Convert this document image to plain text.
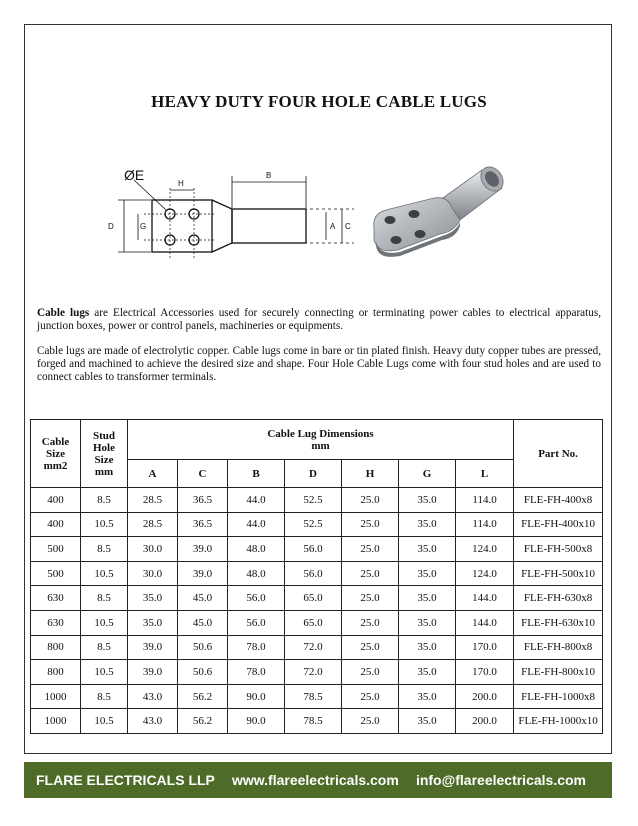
HEAVY DUTY FOUR HOLE CABLE LUGS
ØE
H
B
D	G	A C
Cable lugs are Electrical Accessories used for securely connecting or terminating power cables to electrical apparatus, junction boxes, power or control panels, machineries or equipments.
Cable lugs are made of electrolytic copper. Cable lugs come in bare or tin plated finish. Heavy duty copper tubes are pressed, forged and machined to achieve the desired size and shape. Four Hole Cable Lugs come with four stud holes and are used to connect cables to transformer terminals.
Cable Size mm2	Stud Hole Size mm	Cable Lug Dimensions
mm							Part No.
		A	C	B	D	H	G	L	
400	8.5	28.5	36.5	44.0	52.5	25.0	35.0	114.0	FLE-FH-400x8
400	10.5	28.5	36.5	44.0	52.5	25.0	35.0	114.0	FLE-FH-400x10
500	8.5	30.0	39.0	48.0	56.0	25.0	35.0	124.0	FLE-FH-500x8
500	10.5	30.0	39.0	48.0	56.0	25.0	35.0	124.0	FLE-FH-500x10
630	8.5	35.0	45.0	56.0	65.0	25.0	35.0	144.0	FLE-FH-630x8
630	10.5	35.0	45.0	56.0	65.0	25.0	35.0	144.0	FLE-FH-630x10
800	8.5	39.0	50.6	78.0	72.0	25.0	35.0	170.0	FLE-FH-800x8
800	10.5	39.0	50.6	78.0	72.0	25.0	35.0	170.0	FLE-FH-800x10
1000	8.5	43.0	56.2	90.0	78.5	25.0	35.0	200.0	FLE-FH-1000x8
1000	10.5	43.0	56.2	90.0	78.5	25.0	35.0	200.0	FLE-FH-1000x10
FLARE ELECTRICALS LLP www.flareelectricals.com info@flareelectricals.com
